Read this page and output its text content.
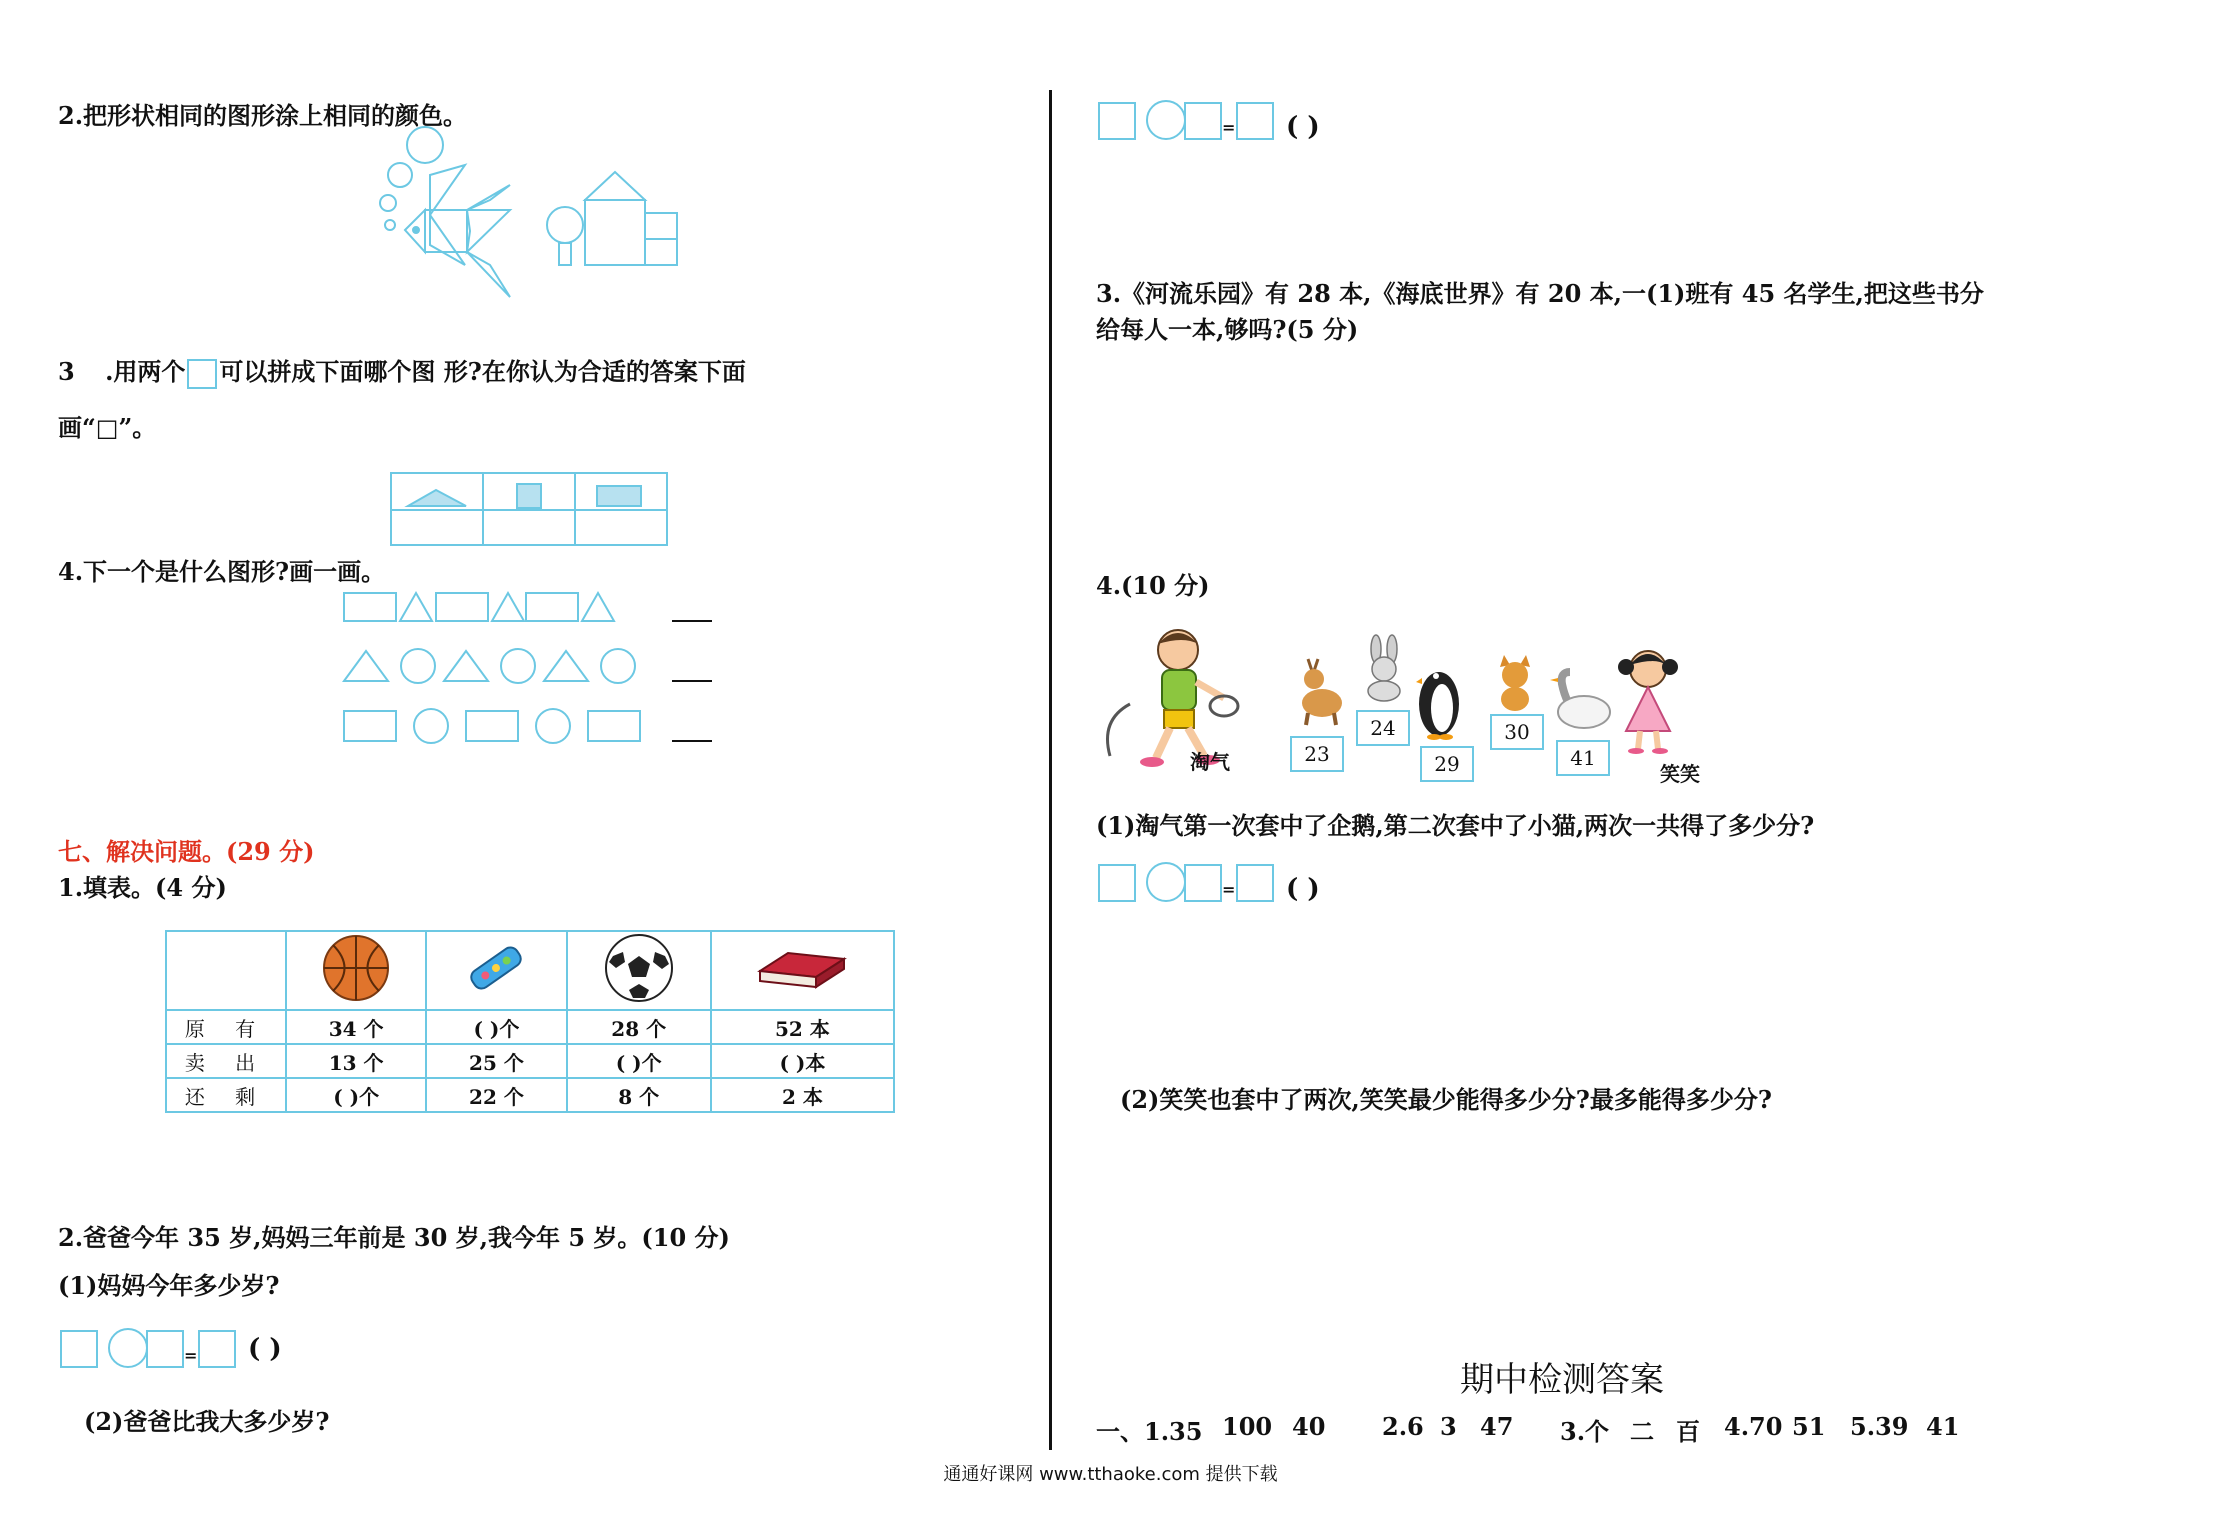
2.把形状相同的图形涂上相同的颜色。
3 .用两个 可以拼成下面哪个图 形?在你认为合适的答案下面
画“□”。
4.下一个是什么图形?画一画。
七、解决问题。(29 分)
1.填表。(4 分)

原 有	34 个	( )个	28 个	52 本
卖 出	13 个	25 个	( )个	( )本
还 剩	( )个	22 个	8 个	2 本
2.爸爸今年 35 岁,妈妈三年前是 30 岁,我今年 5 岁。(10 分)
(1)妈妈今年多少岁?
= ( )
(2)爸爸比我大多少岁?
= ( )
3.《河流乐园》有 28 本,《海底世界》有 20 本,一(1)班有 45 名学生,把这些书分
给每人一本,够吗?(5 分)
4.(10 分)
淘气	笑笑
23
24
29
30
41
(1)淘气第一次套中了企鹅,第二次套中了小猫,两次一共得了多少分?
= ( )
(2)笑笑也套中了两次,笑笑最少能得多少分?最多能得多少分?
期中检测答案
一、1.35 100 40 2.6 3 47 3.个 二 百 4.70 51 5.39 41
通通好课网 www.tthaoke.com 提供下载
